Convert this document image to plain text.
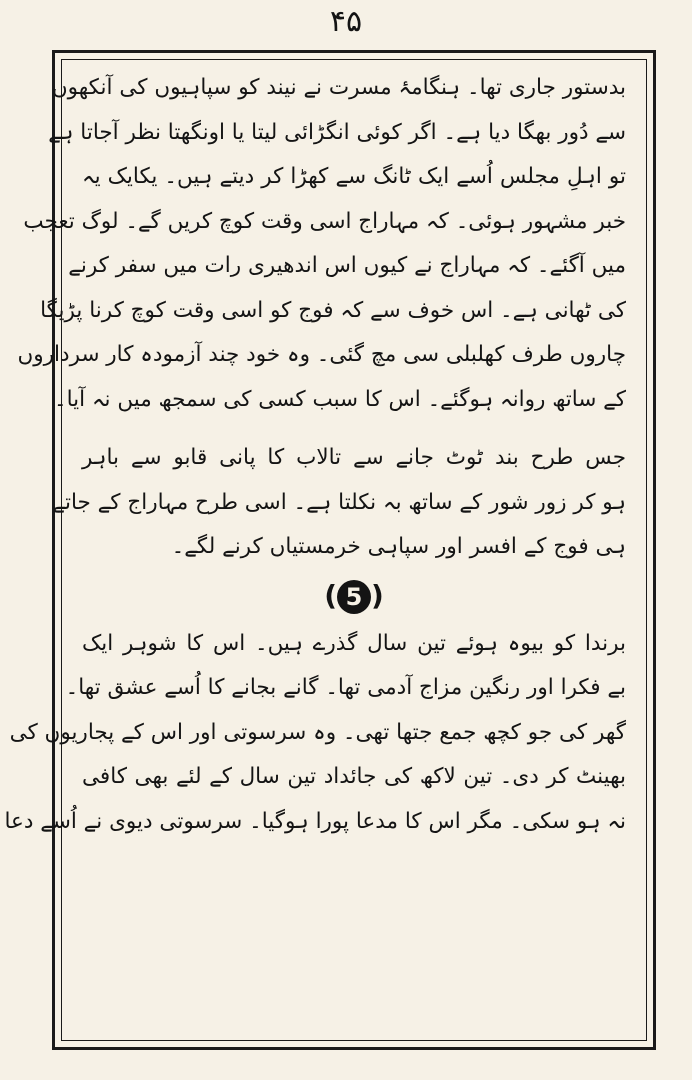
۴۵
بدستور جاری تھا۔ ہنگامۂ مسرت نے نیند کو سپاہیوں کی آنکھوں
سے دُور بھگا دیا ہے۔ اگر کوئی انگڑائی لیتا یا اونگھتا نظر آجاتا ہے
تو اہلِ مجلس اُسے ایک ٹانگ سے کھڑا کر دیتے ہیں۔ یکایک یہ
خبر مشہور ہوئی۔ کہ مہاراج اسی وقت کوچ کریں گے۔ لوگ تعجب
میں آگئے۔ کہ مہاراج نے کیوں اس اندھیری رات میں سفر کرنے
کی ٹھانی ہے۔ اس خوف سے کہ فوج کو اسی وقت کوچ کرنا پڑیگا
چاروں طرف کھلبلی سی مچ گئی۔ وہ خود چند آزمودہ کار سرداروں
کے ساتھ روانہ ہوگئے۔ اس کا سبب کسی کی سمجھ میں نہ آیا۔
جس طرح بند ٹوٹ جانے سے تالاب کا پانی قابو سے باہر
ہو کر زور شور کے ساتھ بہ نکلتا ہے۔ اسی طرح مہاراج کے جاتے
ہی فوج کے افسر اور سپاہی خرمستیاں کرنے لگے۔
(5)
برندا کو بیوہ ہوئے تین سال گذرے ہیں۔ اس کا شوہر ایک
بے فکرا اور رنگین مزاج آدمی تھا۔ گانے بجانے کا اُسے عشق تھا۔
گھر کی جو کچھ جمع جتھا تھی۔ وہ سرسوتی اور اس کے پجاریوں کی
بھینٹ کر دی۔ تین لاکھ کی جائداد تین سال کے لئے بھی کافی
نہ ہو سکی۔ مگر اس کا مدعا پورا ہوگیا۔ سرسوتی دیوی نے اُسے دعا
